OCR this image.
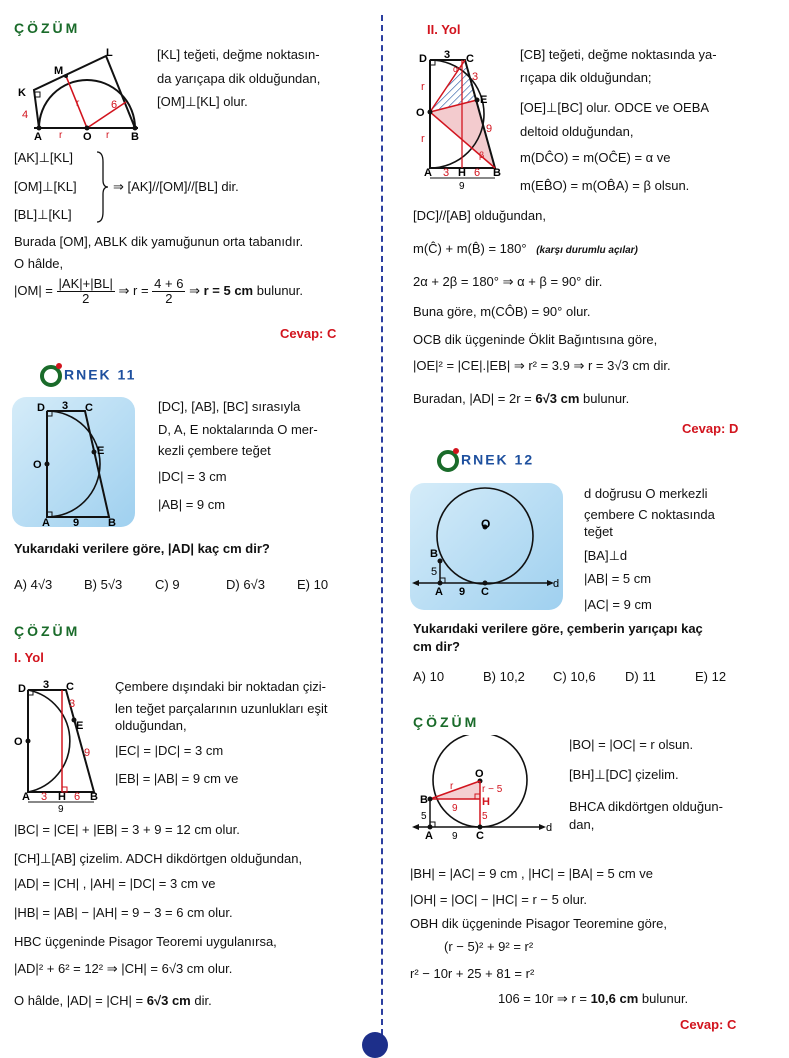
ÇÖZÜM
K
L
M
A	O	B
4
6
r
r	r
[KL] teğeti, değme noktasın-
da yarıçapa dik olduğundan,
[OM]⊥[KL] olur.
[AK]⊥[KL]
[OM]⊥[KL]
[BL]⊥[KL]
⇒ [AK]//[OM]//[BL] dir.
Burada [OM], ABLK dik yamuğunun orta tabanıdır.
O hâlde,
$|OM| = \frac{|AK|+|BL|}{2}$ ⇒ $r = \frac{4 + 6}{2}$ ⇒ r = 5 cm bulunur.
Cevap: C
RNEK 11
D	C
3
O
E
A 9	B
[DC], [AB], [BC] sırasıyla
D, A, E noktalarında O mer-
kezli çembere teğet
|DC| = 3 cm
|AB| = 9 cm
Yukarıdaki verilere göre, |AD| kaç cm dir?
A) 4√3 B) 5√3	C) 9	D) 6√3 E) 10
ÇÖZÜM
I. Yol
D	C
3
3
O
E
9
A 3 H 6 B
9
Çembere dışındaki bir noktadan çizi-
len teğet parçalarının uzunlukları eşit
olduğundan,
|EC| = |DC| = 3 cm
|EB| = |AB| = 9 cm ve
|BC| = |CE| + |EB| = 3 + 9 = 12 cm olur.
[CH]⊥[AB] çizelim. ADCH dikdörtgen olduğundan,
|AD| = |CH| , |AH| = |DC| = 3 cm ve
|HB| = |AB| − |AH| = 9 − 3 = 6 cm olur.
HBC üçgeninde Pisagor Teoremi uygulanırsa,
|AD|² + 6² = 12² ⇒ |CH| = 6√3 cm olur.
O hâlde, |AD| = |CH| = 6√3 cm dir.
II. Yol
D	C
3
3
O
E
r
r
9
α
β
A 3 H 6 B
9
[CB] teğeti, değme noktasında ya-
rıçapa dik olduğundan;
[OE]⊥[BC] olur. ODCE ve OEBA
deltoid olduğundan,
m(DĈO) = m(OĈE) = α ve
m(EB̂O) = m(OB̂A) = β olsun.
[DC]//[AB] olduğundan,
m(Ĉ) + m(B̂) = 180° (karşı durumlu açılar)
2α + 2β = 180° ⇒ α + β = 90° dir.
Buna göre, m(CÔB) = 90° olur.
OCB dik üçgeninde Öklit Bağıntısına göre,
|OE|² = |CE|.|EB| ⇒ r² = 3.9 ⇒ r = 3√3 cm dir.
Buradan, |AD| = 2r = 6√3 cm bulunur.
Cevap: D
RNEK 12
O
B
5
A 9 C
d
d doğrusu O merkezli
çembere C noktasında
teğet
[BA]⊥d
|AB| = 5 cm
|AC| = 9 cm
Yukarıdaki verilere göre, çemberin yarıçapı kaç
cm dir?
A) 10	B) 10,2 C) 10,6 D) 11	E) 12
ÇÖZÜM
O
r	r − 5
B	H
9
5	5
A 9 C
d
|BO| = |OC| = r olsun.
[BH]⊥[DC] çizelim.
BHCA dikdörtgen olduğun-
dan,
|BH| = |AC| = 9 cm , |HC| = |BA| = 5 cm ve
|OH| = |OC| − |HC| = r − 5 olur.
OBH dik üçgeninde Pisagor Teoremine göre,
(r − 5)² + 9² = r²
r² − 10r + 25 + 81 = r²
106 = 10r ⇒ r = 10,6 cm bulunur.
Cevap: C
